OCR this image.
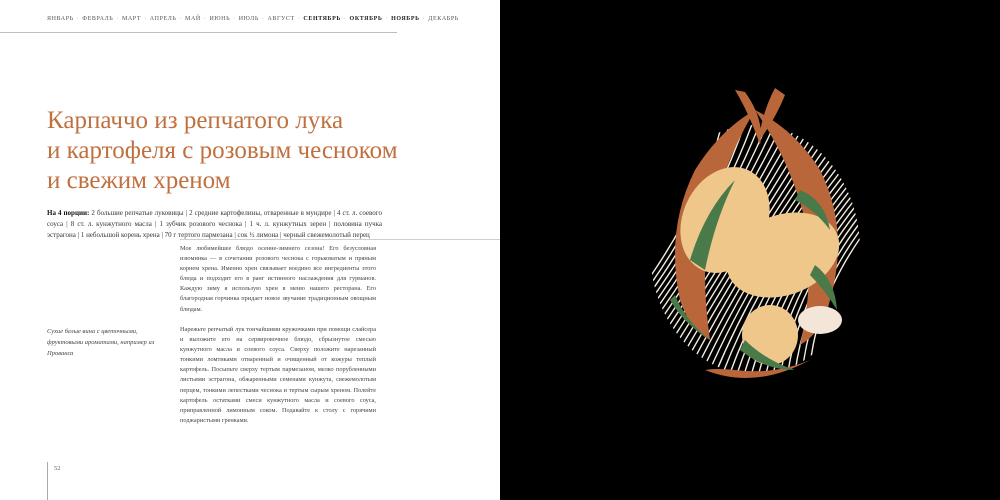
ЯНВАРЬ · ФЕВРАЛЬ · МАРТ · АПРЕЛЬ · МАЙ · ИЮНЬ · ИЮЛЬ · АВГУСТ · СЕНТЯБРЬ · ОКТЯБРЬ · НОЯБРЬ · ДЕКАБРЬ
Карпаччо из репчатого лука
и картофеля с розовым чесноком
и свежим хреном

На 4 порции: 2 большие репчатые луковицы | 2 средние картофелины, отваренные в мундире | 4 ст. л. соевого соуса | 8 ст. л. кунжутного масла | 1 зубчик розового чеснока | 1 ч. л. кунжутных зерен | половина пучка эстрагона | 1 небольшой корень хрена | 70 г тертого пармезана | сок ½ лимона | черный свежемолотый перец

Мое любимейшее блюдо осенне-зимнего сезона! Его безусловная изюминка — в сочетании розового чеснока с горьковатым и пряным корнем хрена. Именно хрен связывает воедино все ингредиенты этого блюда и подходит его в ранг истинного наслаждения для гурманов. Каждую зиму я использую хрен в меню нашего ресторана. Его благородная горчинка придает новое звучание традиционным овощным блюдам.

Нарежьте репчатый лук тончайшими кружочками при помощи слайсера и выложите его на сервировочное блюдо, сбрызнутое смесью кунжутного масла и соевого соуса. Сверху положите нарезанный тонкими ломтиками отваренный и очищенный от кожуры теплый картофель. Посыпьте сверху тертым пармезаном, мелко порубленными листьями эстрагона, обжаренными семенами кунжута, свежемолотым перцем, тонкими лепестками чеснока и тертым сырым хреном. Полейте картофель остатками смеси кунжутного масла и соевого соуса, приправленной лимонным соком. Подавайте к столу с горячими поджаристыми гренками.

Сухие белые вина с цветочными, фруктовыми ароматами, например из Прованса

52
